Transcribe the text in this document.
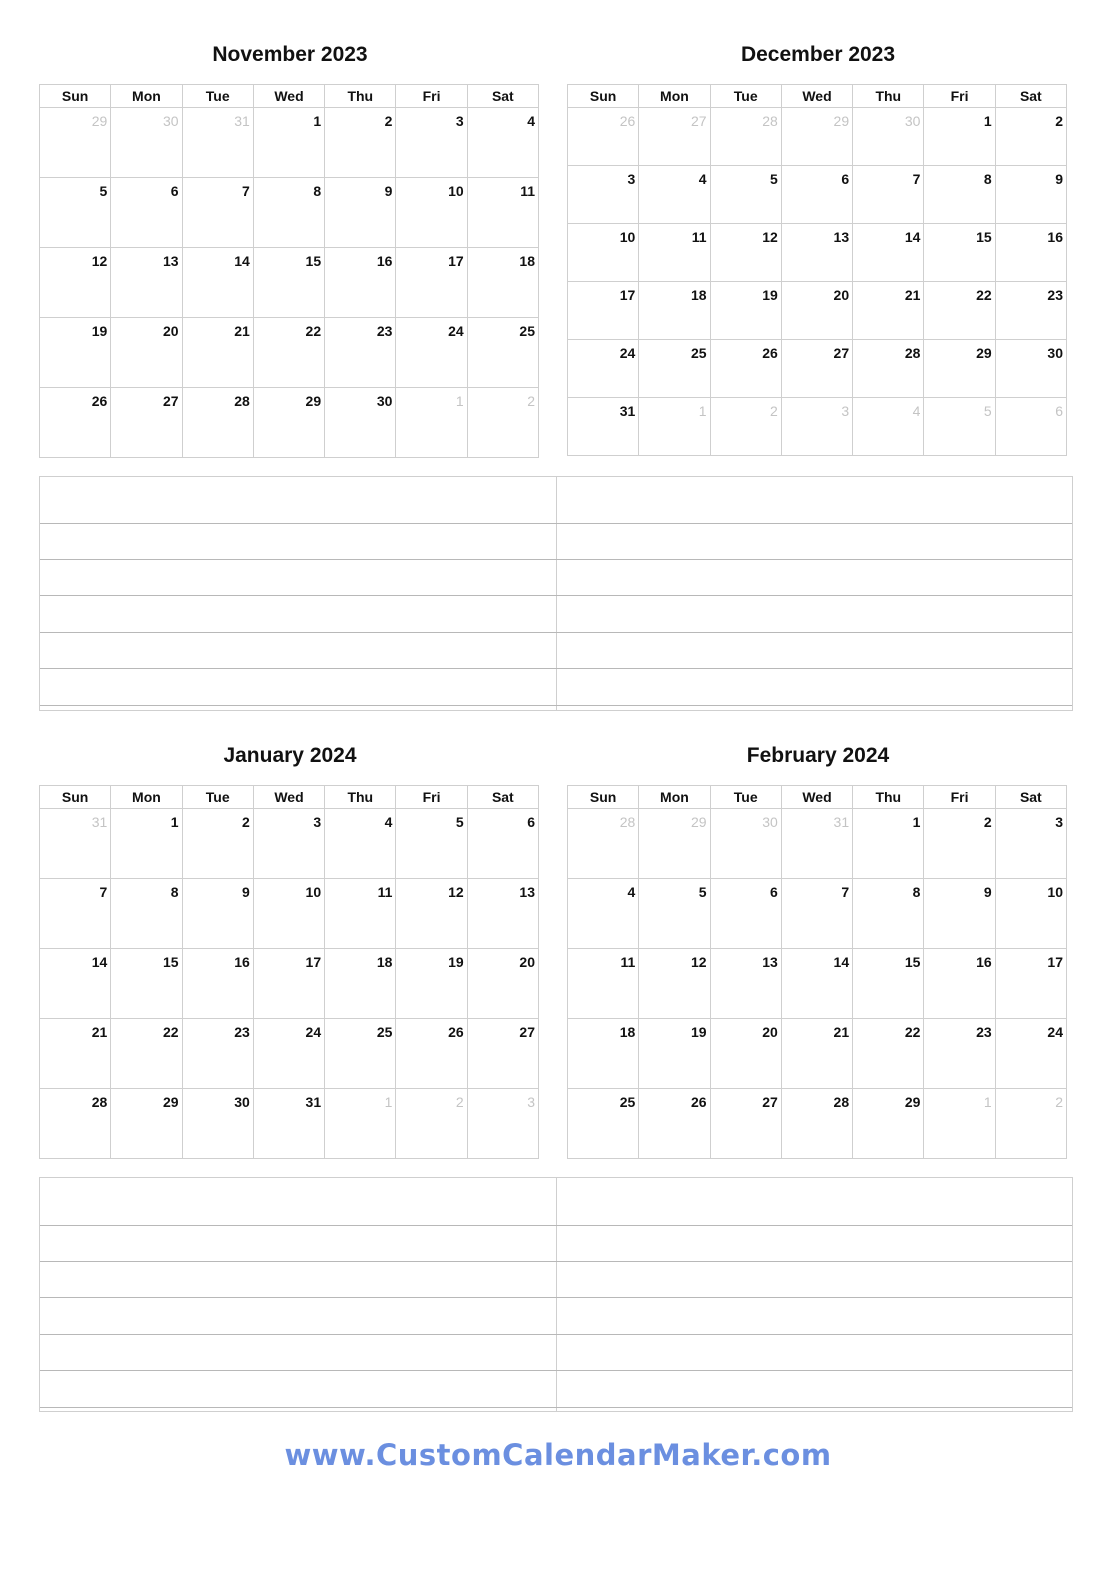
November 2023
Sun	Mon	Tue	Wed	Thu	Fri	Sat
29	30	31	1	2	3	4
5	6	7	8	9	10	11
12	13	14	15	16	17	18
19	20	21	22	23	24	25
26	27	28	29	30	1	2
December 2023
Sun	Mon	Tue	Wed	Thu	Fri	Sat
26	27	28	29	30	1	2
3	4	5	6	7	8	9
10	11	12	13	14	15	16
17	18	19	20	21	22	23
24	25	26	27	28	29	30
31	1	2	3	4	5	6
January 2024
Sun	Mon	Tue	Wed	Thu	Fri	Sat
31	1	2	3	4	5	6
7	8	9	10	11	12	13
14	15	16	17	18	19	20
21	22	23	24	25	26	27
28	29	30	31	1	2	3
February 2024
Sun	Mon	Tue	Wed	Thu	Fri	Sat
28	29	30	31	1	2	3
4	5	6	7	8	9	10
11	12	13	14	15	16	17
18	19	20	21	22	23	24
25	26	27	28	29	1	2
www.CustomCalendarMaker.com
